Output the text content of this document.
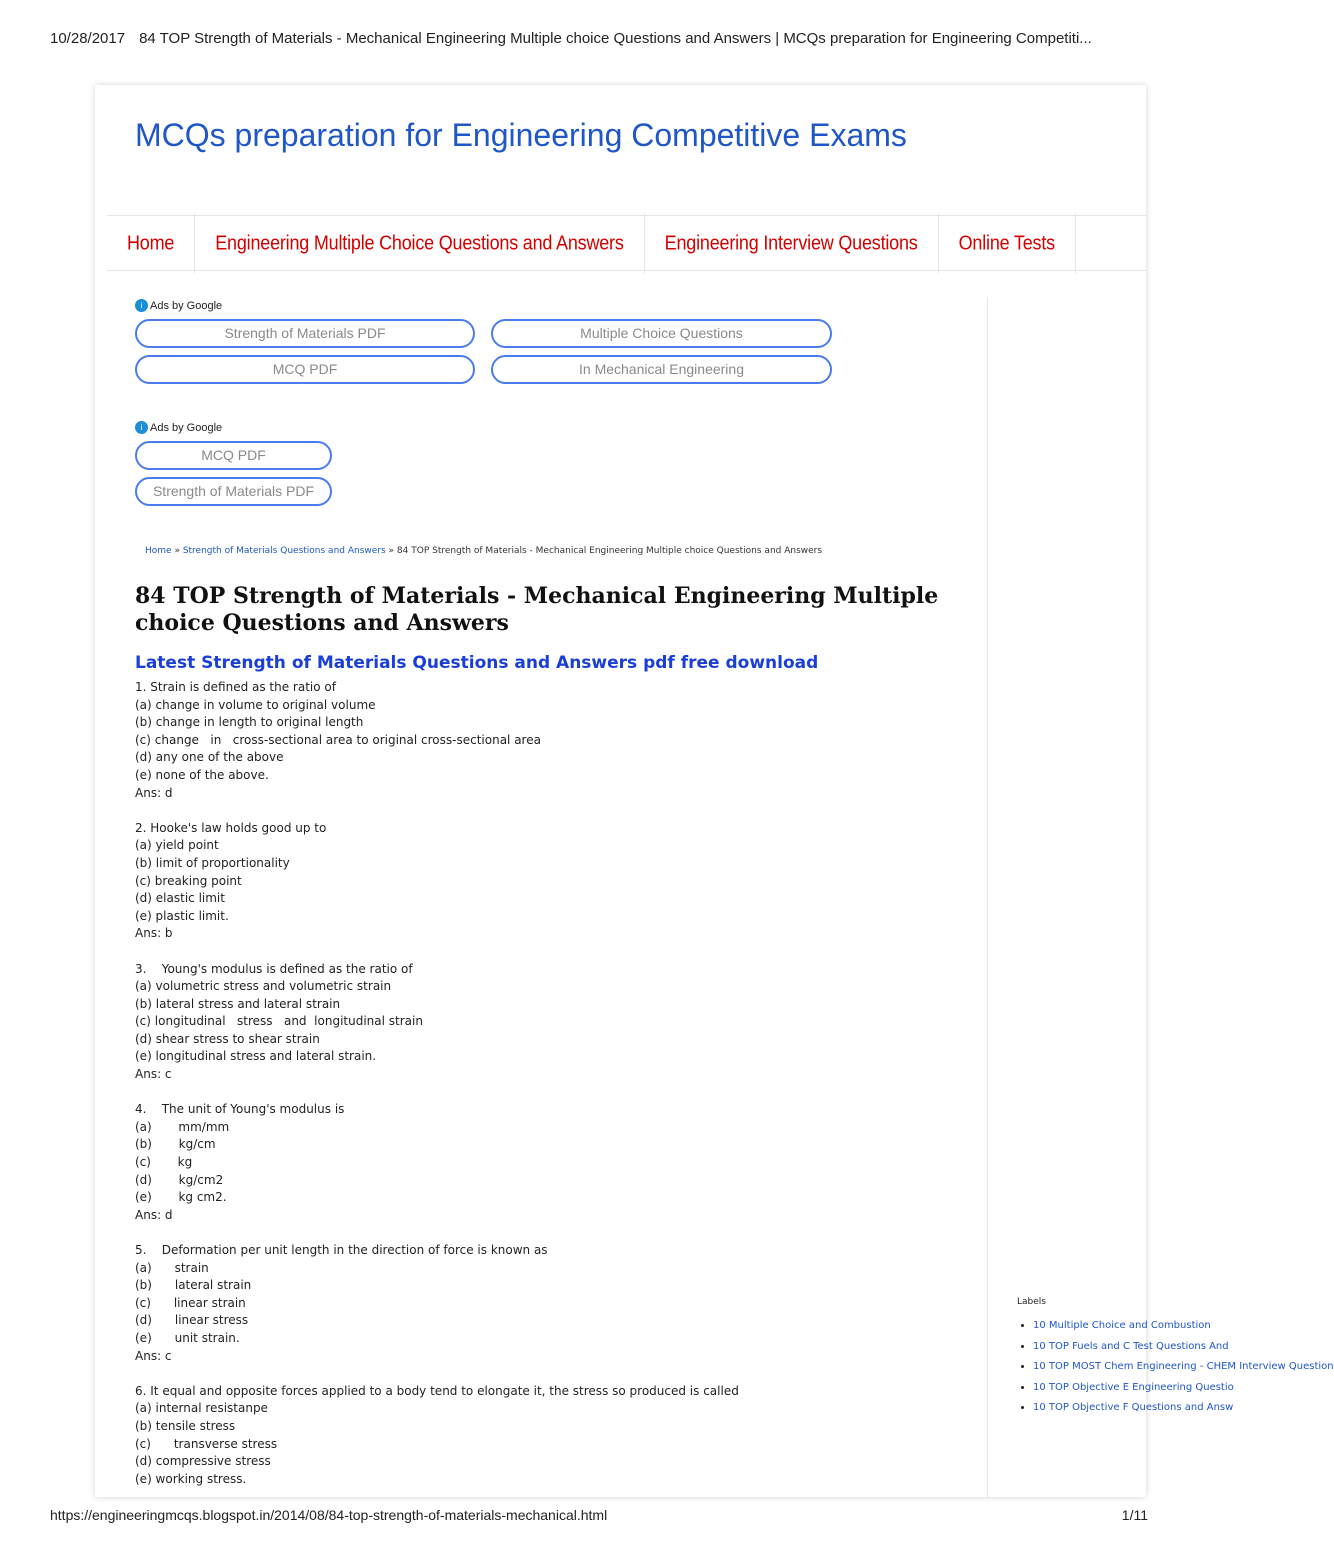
10/28/2017 84 TOP Strength of Materials - Mechanical Engineering Multiple choice Questions and Answers | MCQs preparation for Engineering Competiti...
MCQs preparation for Engineering Competitive Exams
Home	Engineering Multiple Choice Questions and Answers	Engineering Interview Questions	Online Tests
i Ads by Google
Strength of Materials PDF	Multiple Choice Questions
MCQ PDF	In Mechanical Engineering
i Ads by Google
MCQ PDF
Strength of Materials PDF
Home » Strength of Materials Questions and Answers » 84 TOP Strength of Materials - Mechanical Engineering Multiple choice Questions and Answers
84 TOP Strength of Materials - Mechanical Engineering Multiple choice Questions and Answers
Latest Strength of Materials Questions and Answers pdf free download
1. Strain is defined as the ratio of
(a) change in volume to original volume
(b) change in length to original length
(c) change   in   cross-sectional area to original cross-sectional area
(d) any one of the above
(e) none of the above.
Ans: d
2. Hooke's law holds good up to
(a) yield point
(b) limit of proportionality
(c) breaking point
(d) elastic limit
(e) plastic limit.
Ans: b
3.    Young's modulus is defined as the ratio of
(a) volumetric stress and volumetric strain
(b) lateral stress and lateral strain
(c) longitudinal   stress   and  longitudinal strain
(d) shear stress to shear strain
(e) longitudinal stress and lateral strain.
Ans: c
4.    The unit of Young's modulus is
(a)       mm/mm
(b)       kg/cm
(c)       kg
(d)       kg/cm2
(e)       kg cm2.
Ans: d
5.    Deformation per unit length in the direction of force is known as
(a)      strain
(b)      lateral strain
(c)      linear strain
(d)      linear stress
(e)      unit strain.
Ans: c
6. It equal and opposite forces applied to a body tend to elongate it, the stress so produced is called
(a) internal resistanpe
(b) tensile stress
(c)      transverse stress
(d) compressive stress
(e) working stress.
Labels
• 10 Multiple Choice and Combustion
• 10 TOP Fuels and C Test Questions And
• 10 TOP MOST Chem Engineering - CHEM Interview Question
• 10 TOP Objective E Engineering Questio
• 10 TOP Objective F Questions and Answ
https://engineeringmcqs.blogspot.in/2014/08/84-top-strength-of-materials-mechanical.html	1/11
